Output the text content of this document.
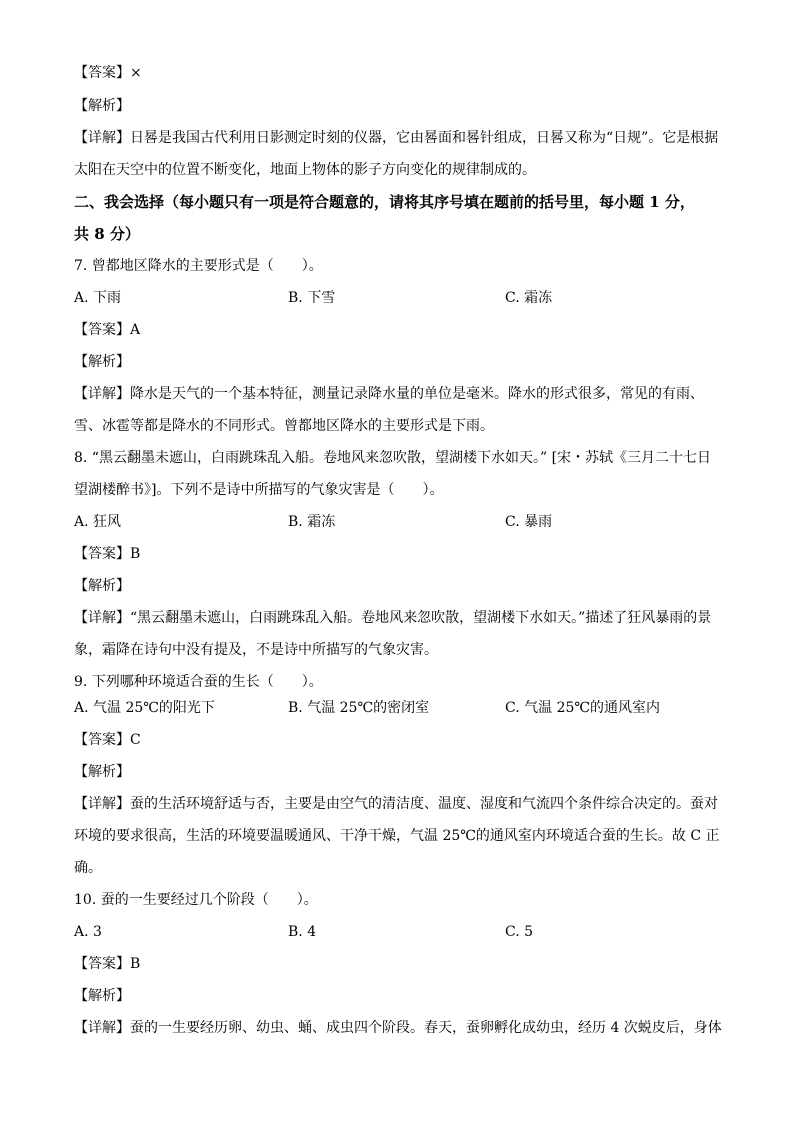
【答案】×
【解析】
【详解】日晷是我国古代利用日影测定时刻的仪器，它由晷面和晷针组成，日晷又称为“日规”。它是根据
太阳在天空中的位置不断变化，地面上物体的影子方向变化的规律制成的。
二、我会选择（每小题只有一项是符合题意的，请将其序号填在题前的括号里，每小题 1 分，
共 8 分）
7. 曾都地区降水的主要形式是（　　）。
A. 下雨	B. 下雪	C. 霜冻
【答案】A
【解析】
【详解】降水是天气的一个基本特征，测量记录降水量的单位是毫米。降水的形式很多，常见的有雨、
雪、冰雹等都是降水的不同形式。曾都地区降水的主要形式是下雨。
8. “黑云翻墨未遮山，白雨跳珠乱入船。卷地风来忽吹散，望湖楼下水如天。” [宋・苏轼《三月二十七日
望湖楼醉书》]。下列不是诗中所描写的气象灾害是（　　）。
A. 狂风	B. 霜冻	C. 暴雨
【答案】B
【解析】
【详解】“黑云翻墨未遮山，白雨跳珠乱入船。卷地风来忽吹散，望湖楼下水如天。”描述了狂风暴雨的景
象，霜降在诗句中没有提及，不是诗中所描写的气象灾害。
9. 下列哪种环境适合蚕的生长（　　）。
A. 气温 25℃的阳光下	B. 气温 25℃的密闭室	C. 气温 25℃的通风室内
【答案】C
【解析】
【详解】蚕的生活环境舒适与否，主要是由空气的清洁度、温度、湿度和气流四个条件综合决定的。蚕对
环境的要求很高，生活的环境要温暖通风、干净干燥，气温 25℃的通风室内环境适合蚕的生长。故 C 正
确。
10. 蚕的一生要经过几个阶段（　　）。
A. 3	B. 4	C. 5
【答案】B
【解析】
【详解】蚕的一生要经历卵、幼虫、蛹、成虫四个阶段。春天，蚕卵孵化成幼虫，经历 4 次蜕皮后，身体
